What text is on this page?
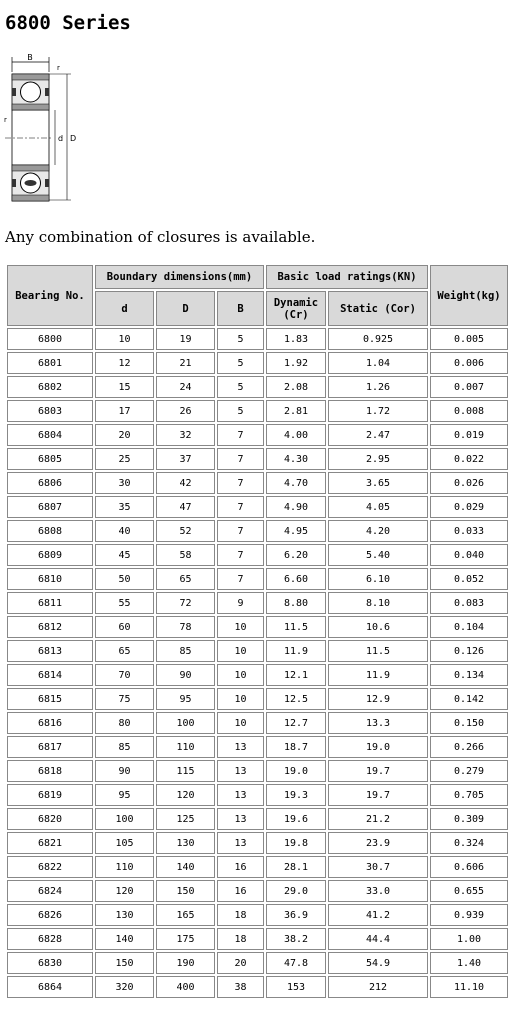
6800 Series
B
r
r
d D
Any combination of closures is available.
Bearing No.	Boundary dimensions(mm)			Basic load ratings(KN)		Weight(kg)
	d	D	B	Dynamic
(Cr)	Static (Cor)	
6800	10	19	5	1.83	0.925	0.005
6801	12	21	5	1.92	1.04	0.006
6802	15	24	5	2.08	1.26	0.007
6803	17	26	5	2.81	1.72	0.008
6804	20	32	7	4.00	2.47	0.019
6805	25	37	7	4.30	2.95	0.022
6806	30	42	7	4.70	3.65	0.026
6807	35	47	7	4.90	4.05	0.029
6808	40	52	7	4.95	4.20	0.033
6809	45	58	7	6.20	5.40	0.040
6810	50	65	7	6.60	6.10	0.052
6811	55	72	9	8.80	8.10	0.083
6812	60	78	10	11.5	10.6	0.104
6813	65	85	10	11.9	11.5	0.126
6814	70	90	10	12.1	11.9	0.134
6815	75	95	10	12.5	12.9	0.142
6816	80	100	10	12.7	13.3	0.150
6817	85	110	13	18.7	19.0	0.266
6818	90	115	13	19.0	19.7	0.279
6819	95	120	13	19.3	19.7	0.705
6820	100	125	13	19.6	21.2	0.309
6821	105	130	13	19.8	23.9	0.324
6822	110	140	16	28.1	30.7	0.606
6824	120	150	16	29.0	33.0	0.655
6826	130	165	18	36.9	41.2	0.939
6828	140	175	18	38.2	44.4	1.00
6830	150	190	20	47.8	54.9	1.40
6864	320	400	38	153	212	11.10
